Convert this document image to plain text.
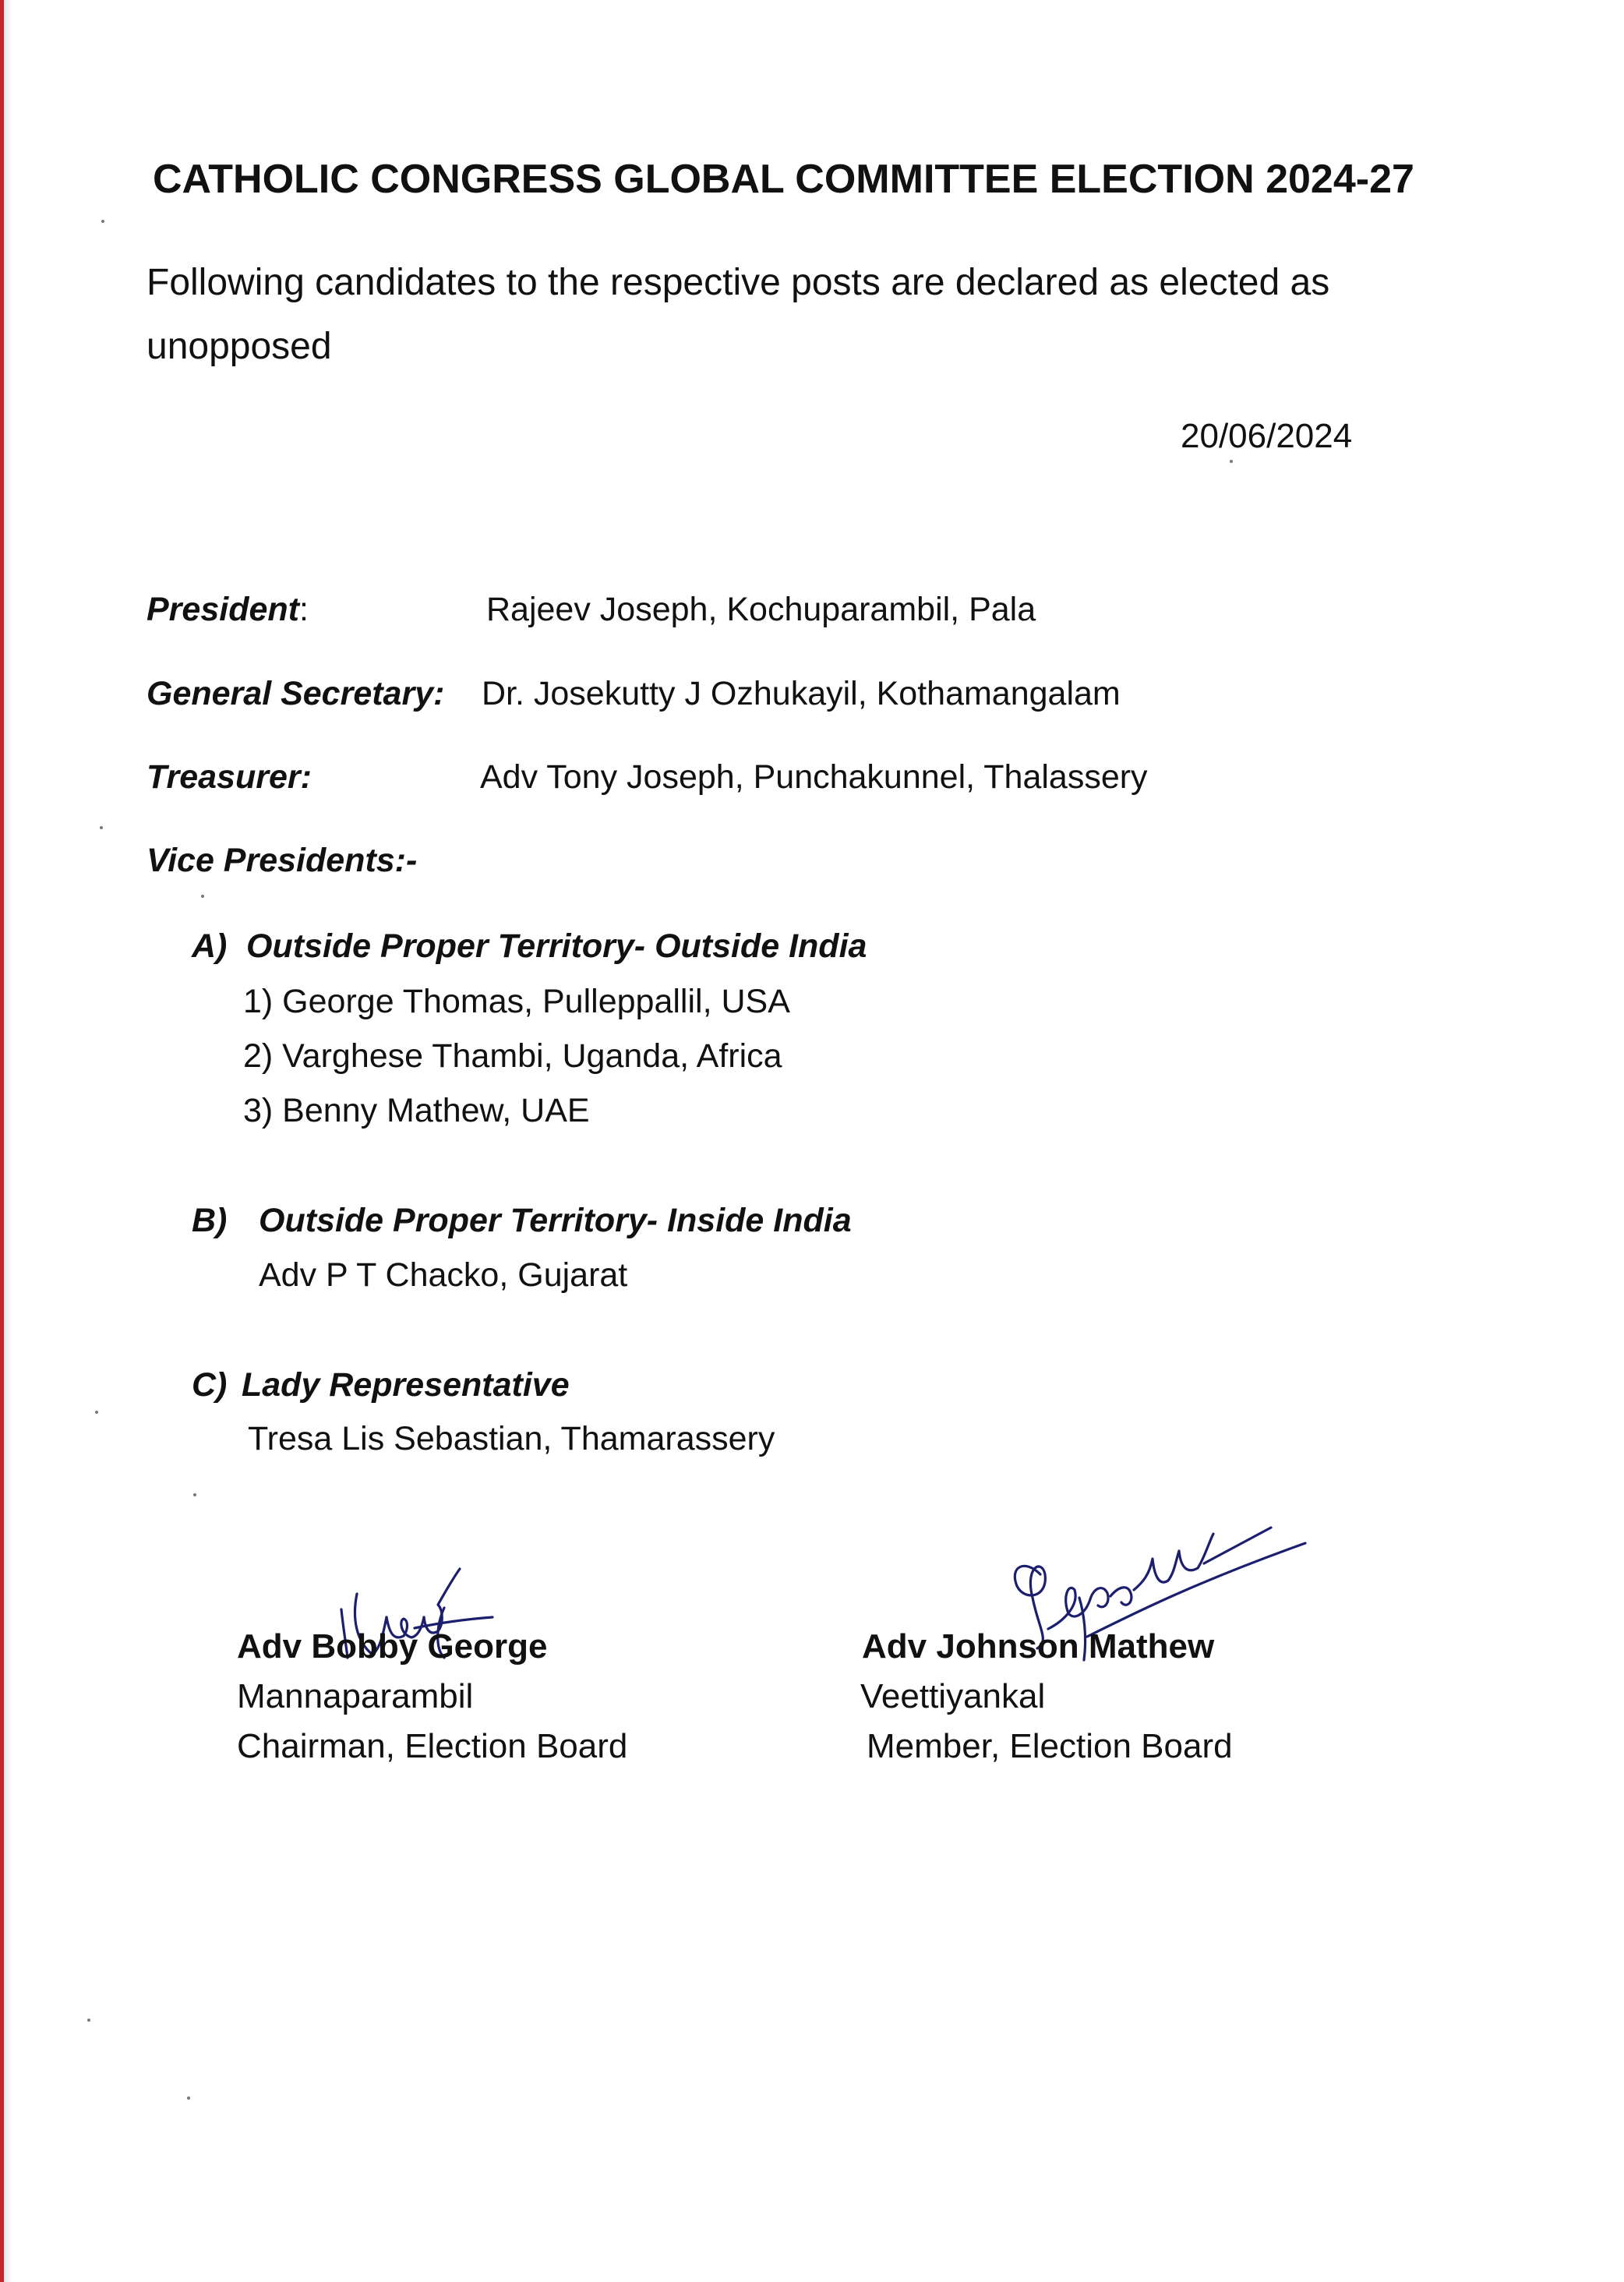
CATHOLIC CONGRESS GLOBAL COMMITTEE ELECTION 2024-27
Following candidates to the respective posts are declared as elected as unopposed
20/06/2024
President:	Rajeev Joseph, Kochuparambil, Pala
General Secretary: Dr. Josekutty J Ozhukayil, Kothamangalam
Treasurer:	Adv Tony Joseph, Punchakunnel, Thalassery
Vice Presidents:-
A) Outside Proper Territory- Outside India
1) George Thomas, Pulleppallil, USA
2) Varghese Thambi, Uganda, Africa
3) Benny Mathew, UAE
B) Outside Proper Territory- Inside India
Adv P T Chacko, Gujarat
C) Lady Representative
Tresa Lis Sebastian, Thamarassery
Adv Bobby George
Mannaparambil
Chairman, Election Board
Adv Johnson Mathew
Veettiyankal
Member, Election Board
